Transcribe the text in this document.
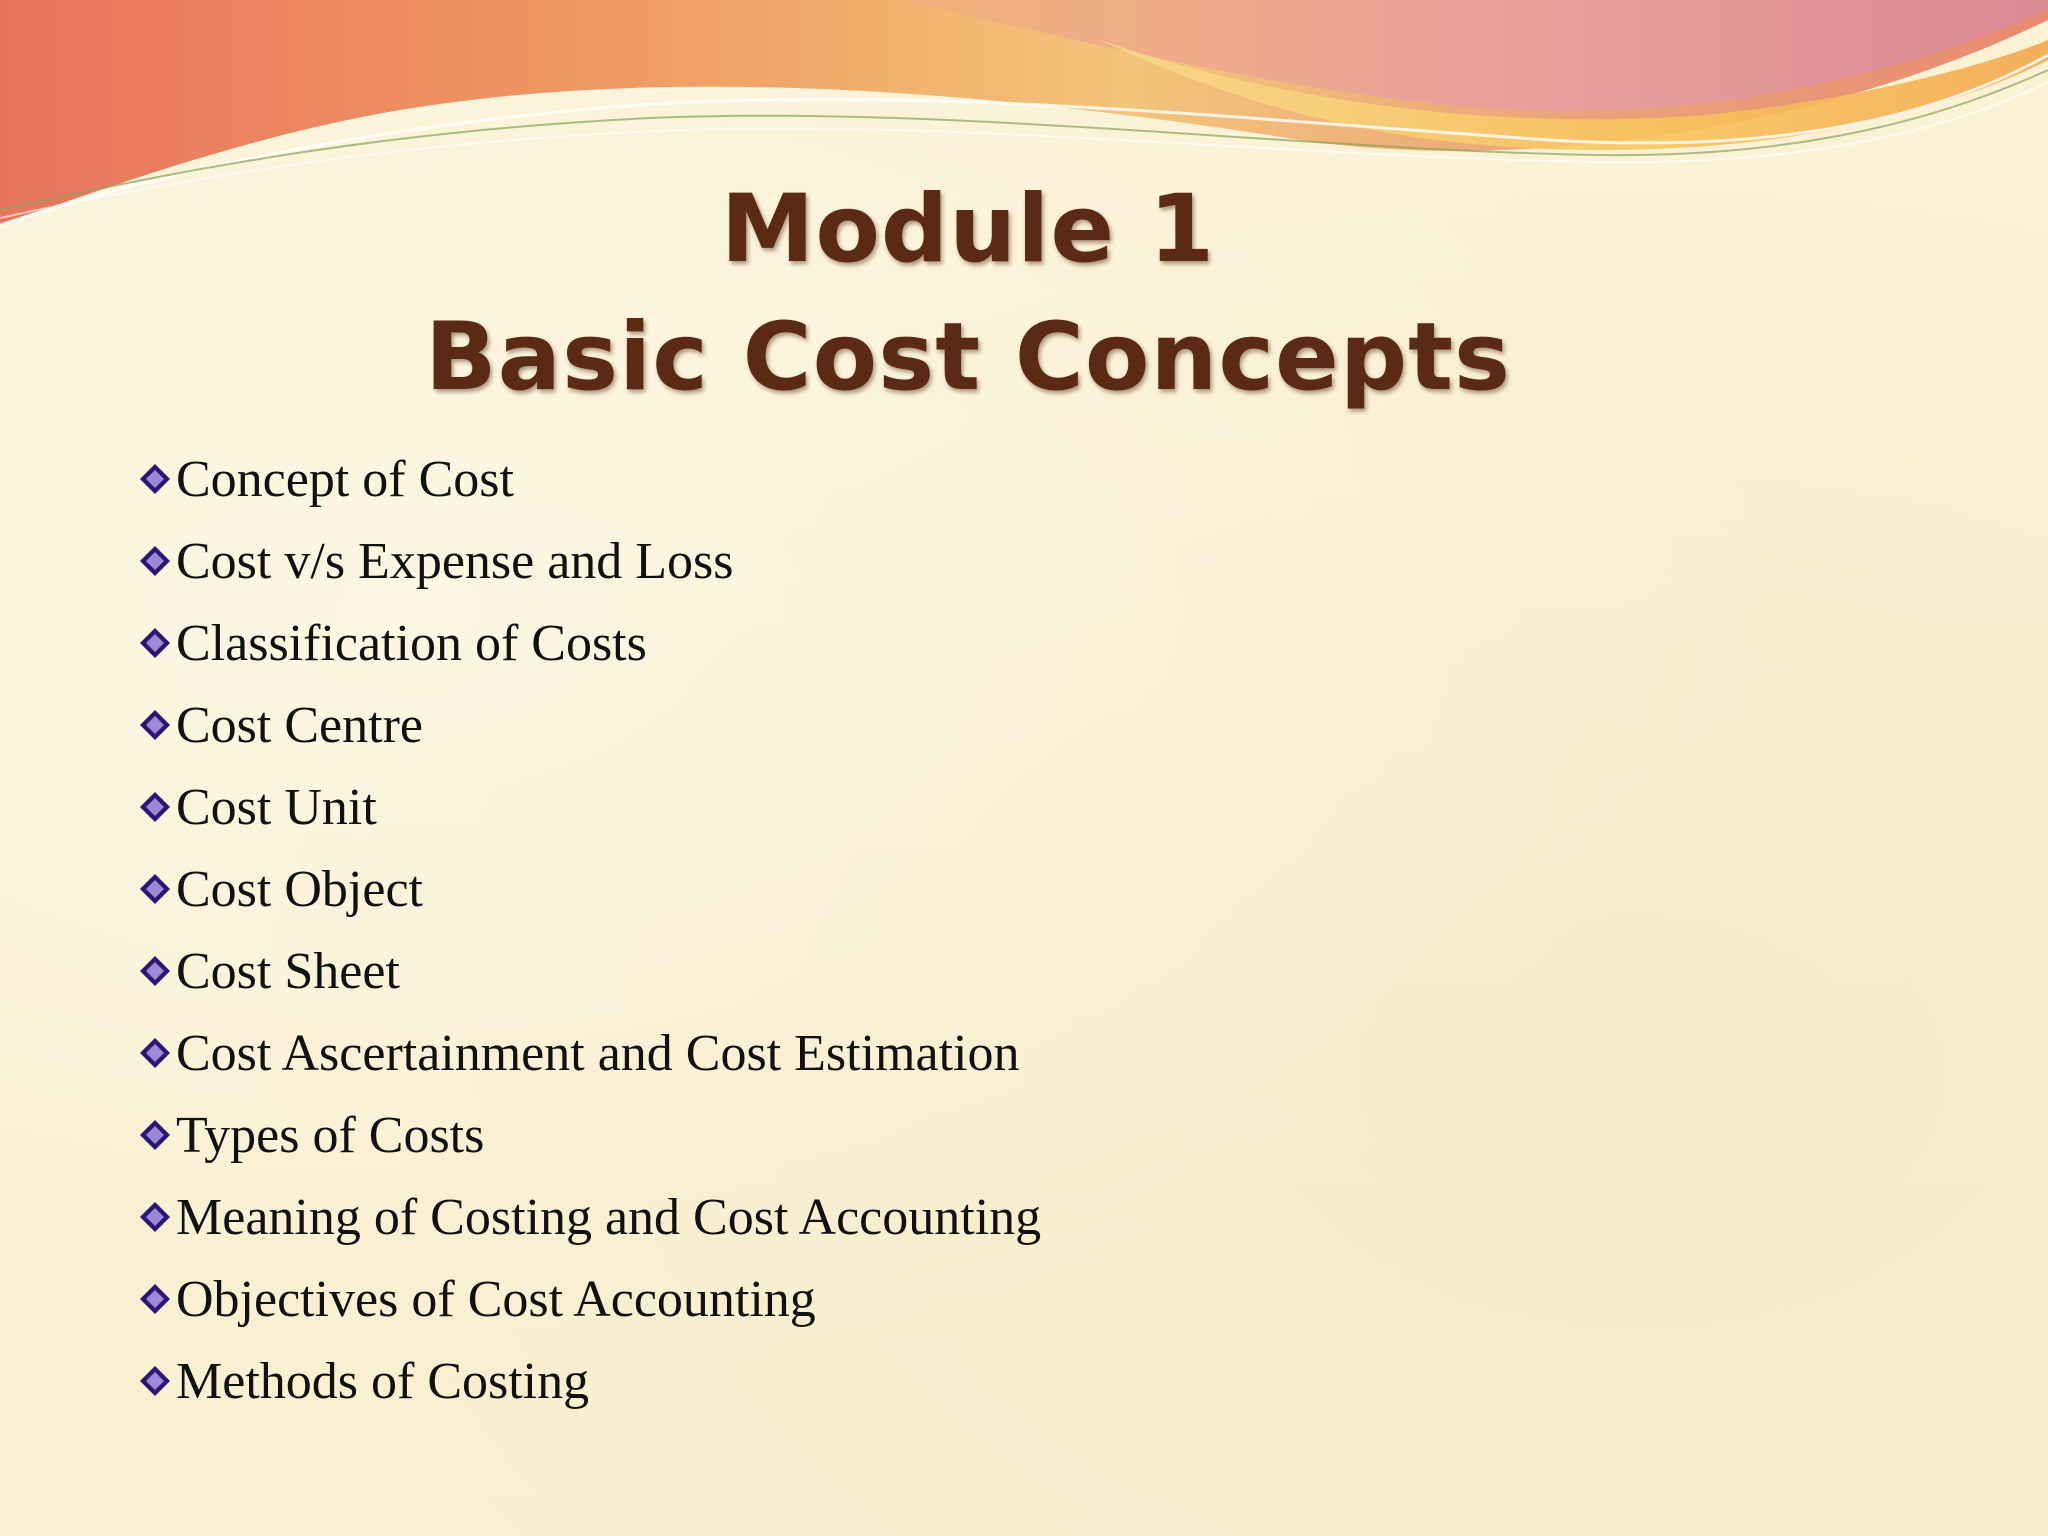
Module 1
Basic Cost Concepts
Concept of Cost
Cost v/s Expense and Loss
Classification of Costs
Cost Centre
Cost Unit
Cost Object
Cost Sheet
Cost Ascertainment and Cost Estimation
Types of Costs
Meaning of Costing and Cost Accounting
Objectives of Cost Accounting
Methods of Costing
